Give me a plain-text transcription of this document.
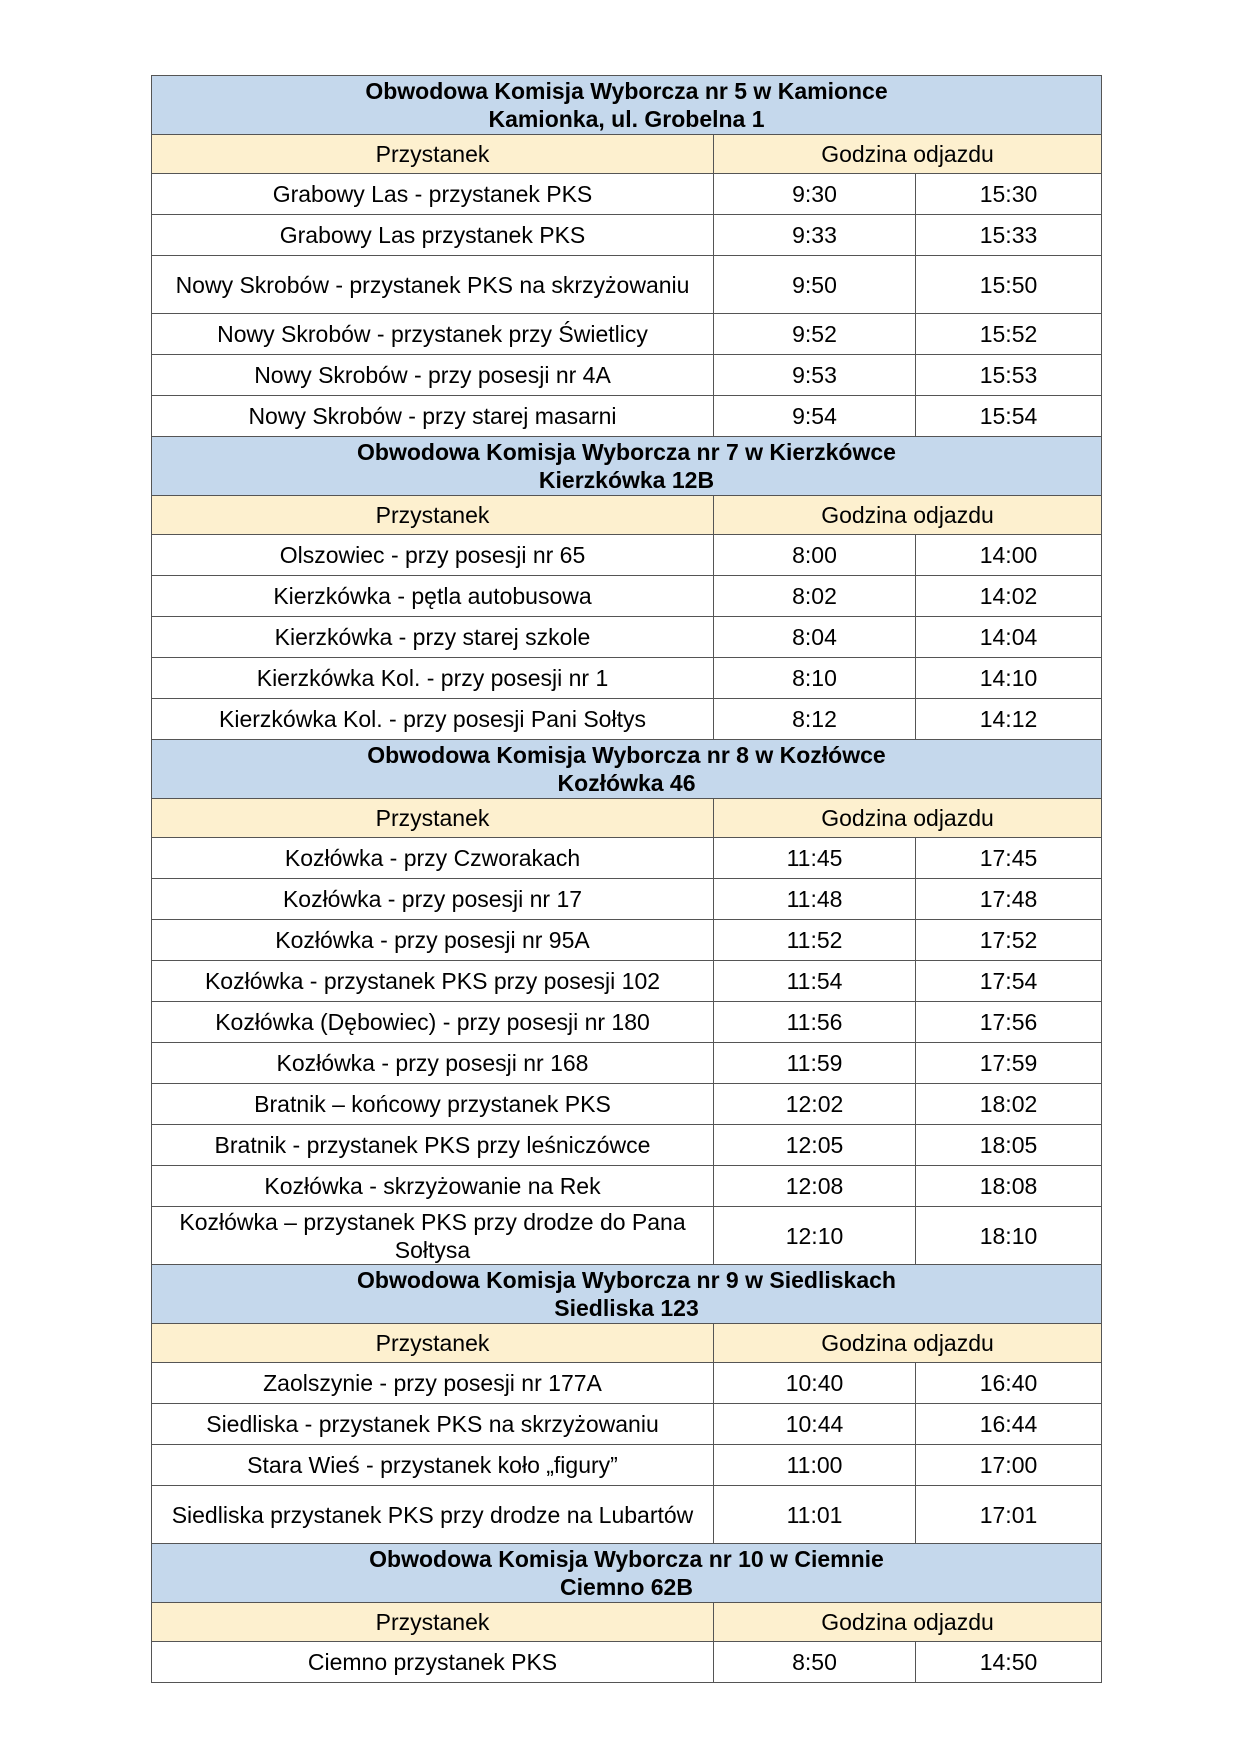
Obwodowa Komisja Wyborcza nr 5 w Kamionce
Kamionka, ul. Grobelna 1		

Przystanek	Godzina odjazdu	
Grabowy Las - przystanek PKS	9:30	15:30
Grabowy Las przystanek PKS	9:33	15:33
Nowy Skrobów - przystanek PKS na skrzyżowaniu	9:50	15:50
Nowy Skrobów - przystanek przy Świetlicy	9:52	15:52
Nowy Skrobów - przy posesji nr 4A	9:53	15:53
Nowy Skrobów - przy starej masarni	9:54	15:54

Obwodowa Komisja Wyborcza nr 7 w Kierzkówce
Kierzkówka 12B		

Przystanek	Godzina odjazdu	
Olszowiec - przy posesji nr 65	8:00	14:00
Kierzkówka - pętla autobusowa	8:02	14:02
Kierzkówka - przy starej szkole	8:04	14:04
Kierzkówka Kol. - przy posesji nr 1	8:10	14:10
Kierzkówka Kol. - przy posesji Pani Sołtys	8:12	14:12

Obwodowa Komisja Wyborcza nr 8 w Kozłówce
Kozłówka 46		

Przystanek	Godzina odjazdu	
Kozłówka - przy Czworakach	11:45	17:45
Kozłówka - przy posesji nr 17	11:48	17:48
Kozłówka - przy posesji nr 95A	11:52	17:52
Kozłówka - przystanek PKS przy posesji 102	11:54	17:54
Kozłówka (Dębowiec) - przy posesji nr 180	11:56	17:56
Kozłówka - przy posesji nr 168	11:59	17:59
Bratnik – końcowy przystanek PKS	12:02	18:02
Bratnik - przystanek PKS przy leśniczówce	12:05	18:05
Kozłówka - skrzyżowanie na Rek	12:08	18:08
Kozłówka – przystanek PKS przy drodze do Pana Sołtysa	12:10	18:10

Obwodowa Komisja Wyborcza nr 9 w Siedliskach
Siedliska 123		

Przystanek	Godzina odjazdu	
Zaolszynie - przy posesji nr 177A	10:40	16:40
Siedliska - przystanek PKS na skrzyżowaniu	10:44	16:44
Stara Wieś - przystanek koło „figury”	11:00	17:00
Siedliska przystanek PKS przy drodze na Lubartów	11:01	17:01

Obwodowa Komisja Wyborcza nr 10 w Ciemnie
Ciemno 62B		

Przystanek	Godzina odjazdu	
Ciemno przystanek PKS	8:50	14:50
